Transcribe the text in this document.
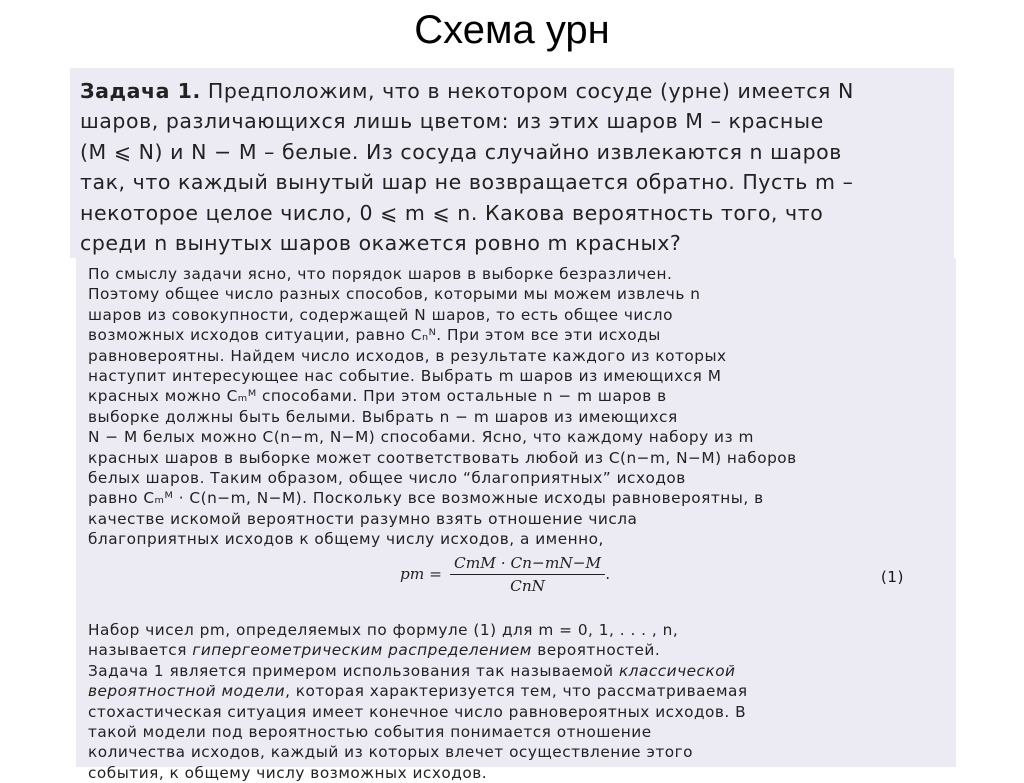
Схема урн
Задача 1. Предположим, что в некотором сосуде (урне) имеется N
шаров, различающихся лишь цветом: из этих шаров M – красные
(M ⩽ N) и N − M – белые. Из сосуда случайно извлекаются n шаров
так, что каждый вынутый шар не возвращается обратно. Пусть m –
некоторое целое число, 0 ⩽ m ⩽ n. Какова вероятность того, что
среди n вынутых шаров окажется ровно m красных?
По смыслу задачи ясно, что порядок шаров в выборке безразличен.
Поэтому общее число разных способов, которыми мы можем извлечь n
шаров из совокупности, содержащей N шаров, то есть общее число
возможных исходов ситуации, равно Cₙᴺ. При этом все эти исходы
равновероятны. Найдем число исходов, в результате каждого из которых
наступит интересующее нас событие. Выбрать m шаров из имеющихся M
красных можно Cₘᴹ способами. При этом остальные n − m шаров в
выборке должны быть белыми. Выбрать n − m шаров из имеющихся
N − M белых можно C(n−m, N−M) способами. Ясно, что каждому набору из m
красных шаров в выборке может соответствовать любой из C(n−m, N−M) наборов
белых шаров. Таким образом, общее число “благоприятных” исходов
равно Cₘᴹ · C(n−m, N−M). Поскольку все возможные исходы равновероятны, в
качестве искомой вероятности разумно взять отношение числа
благоприятных исходов к общему числу исходов, а именно,
pm = $\frac{\text{CmM · Cn−mN−M}}{\text{CnN}}$ .	(1)
Набор чисел pm, определяемых по формуле (1) для m = 0, 1, . . . , n,
называется гипергеометрическим распределением вероятностей.
Задача 1 является примером использования так называемой классической
вероятностной модели, которая характеризуется тем, что рассматриваемая
стохастическая ситуация имеет конечное число равновероятных исходов. В
такой модели под вероятностью события понимается отношение
количества исходов, каждый из которых влечет осуществление этого
события, к общему числу возможных исходов.
